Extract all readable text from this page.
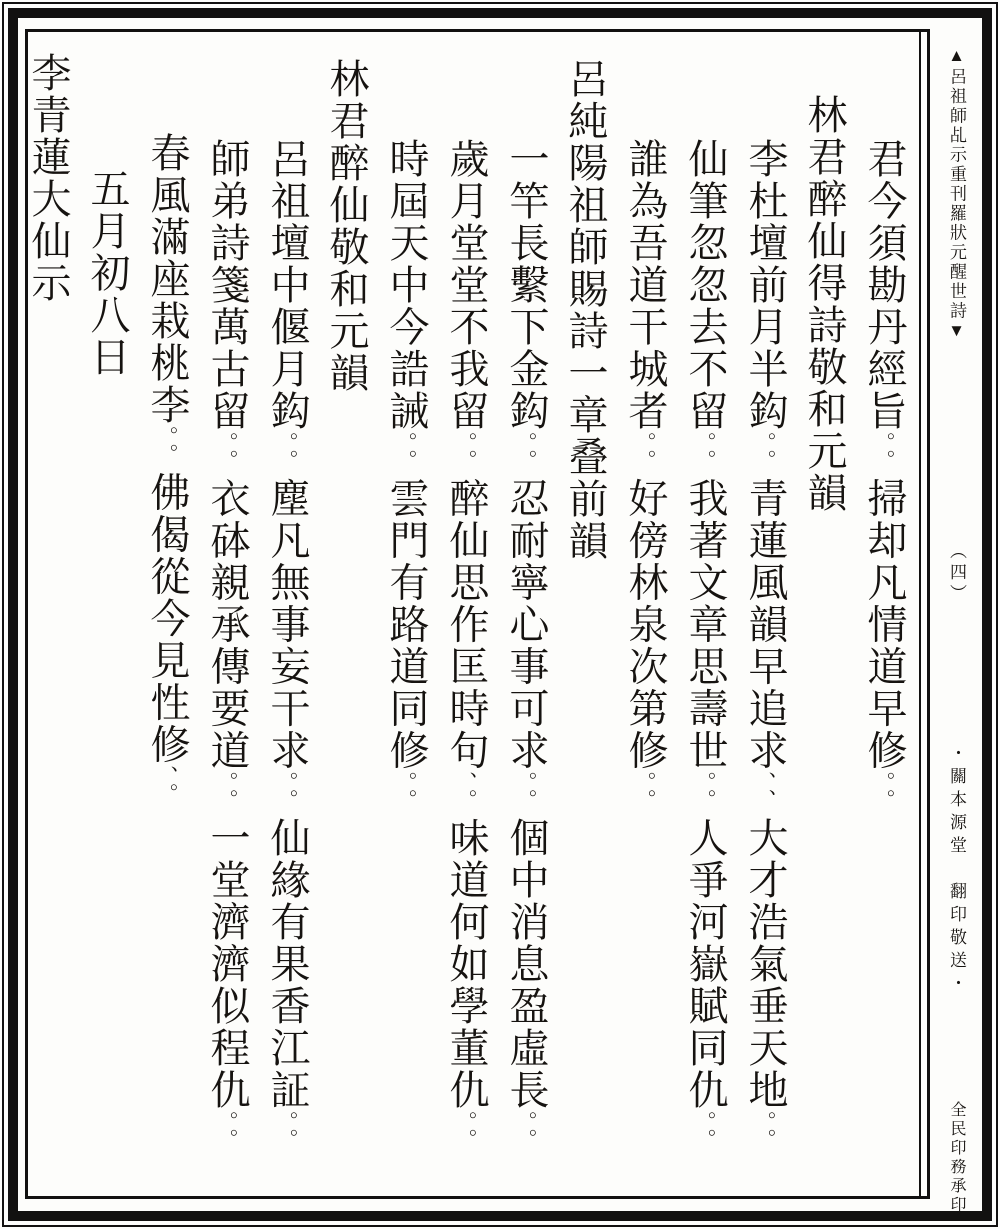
君今須勘丹經旨。。掃却凡情道早修。。
林君醉仙得詩敬和元韻
李杜壇前月半鈎。。青蓮風韻早追求、、大才浩氣垂天地。。
仙筆忽忽去不留。。我著文章思壽世。。人爭河嶽賦同仇。。
誰為吾道干城者。。好傍林泉次第修。。
呂純陽祖師賜詩一章叠前韻
一竿長繫下金鈎。。忍耐寧心事可求。。個中消息盈虛長。。
歲月堂堂不我留。。醉仙思作匡時句、。味道何如學董仇。。
時屆天中今誥誡。。雲門有路道同修。。
林君醉仙敬和元韻
呂祖壇中偃月鈎。。塵凡無事妄干求。。仙緣有果香江証。。
師弟詩箋萬古留。。衣砵親承傳要道。。一堂濟濟似程仇。。
春風滿座栽桃李。。佛偈從今見性修、。
五月初八日
李青蓮大仙示	▲呂祖師乩示重刊羅狀元醒世詩▼
（四）
・關本源堂　翻印敬送・
全民印務承印
